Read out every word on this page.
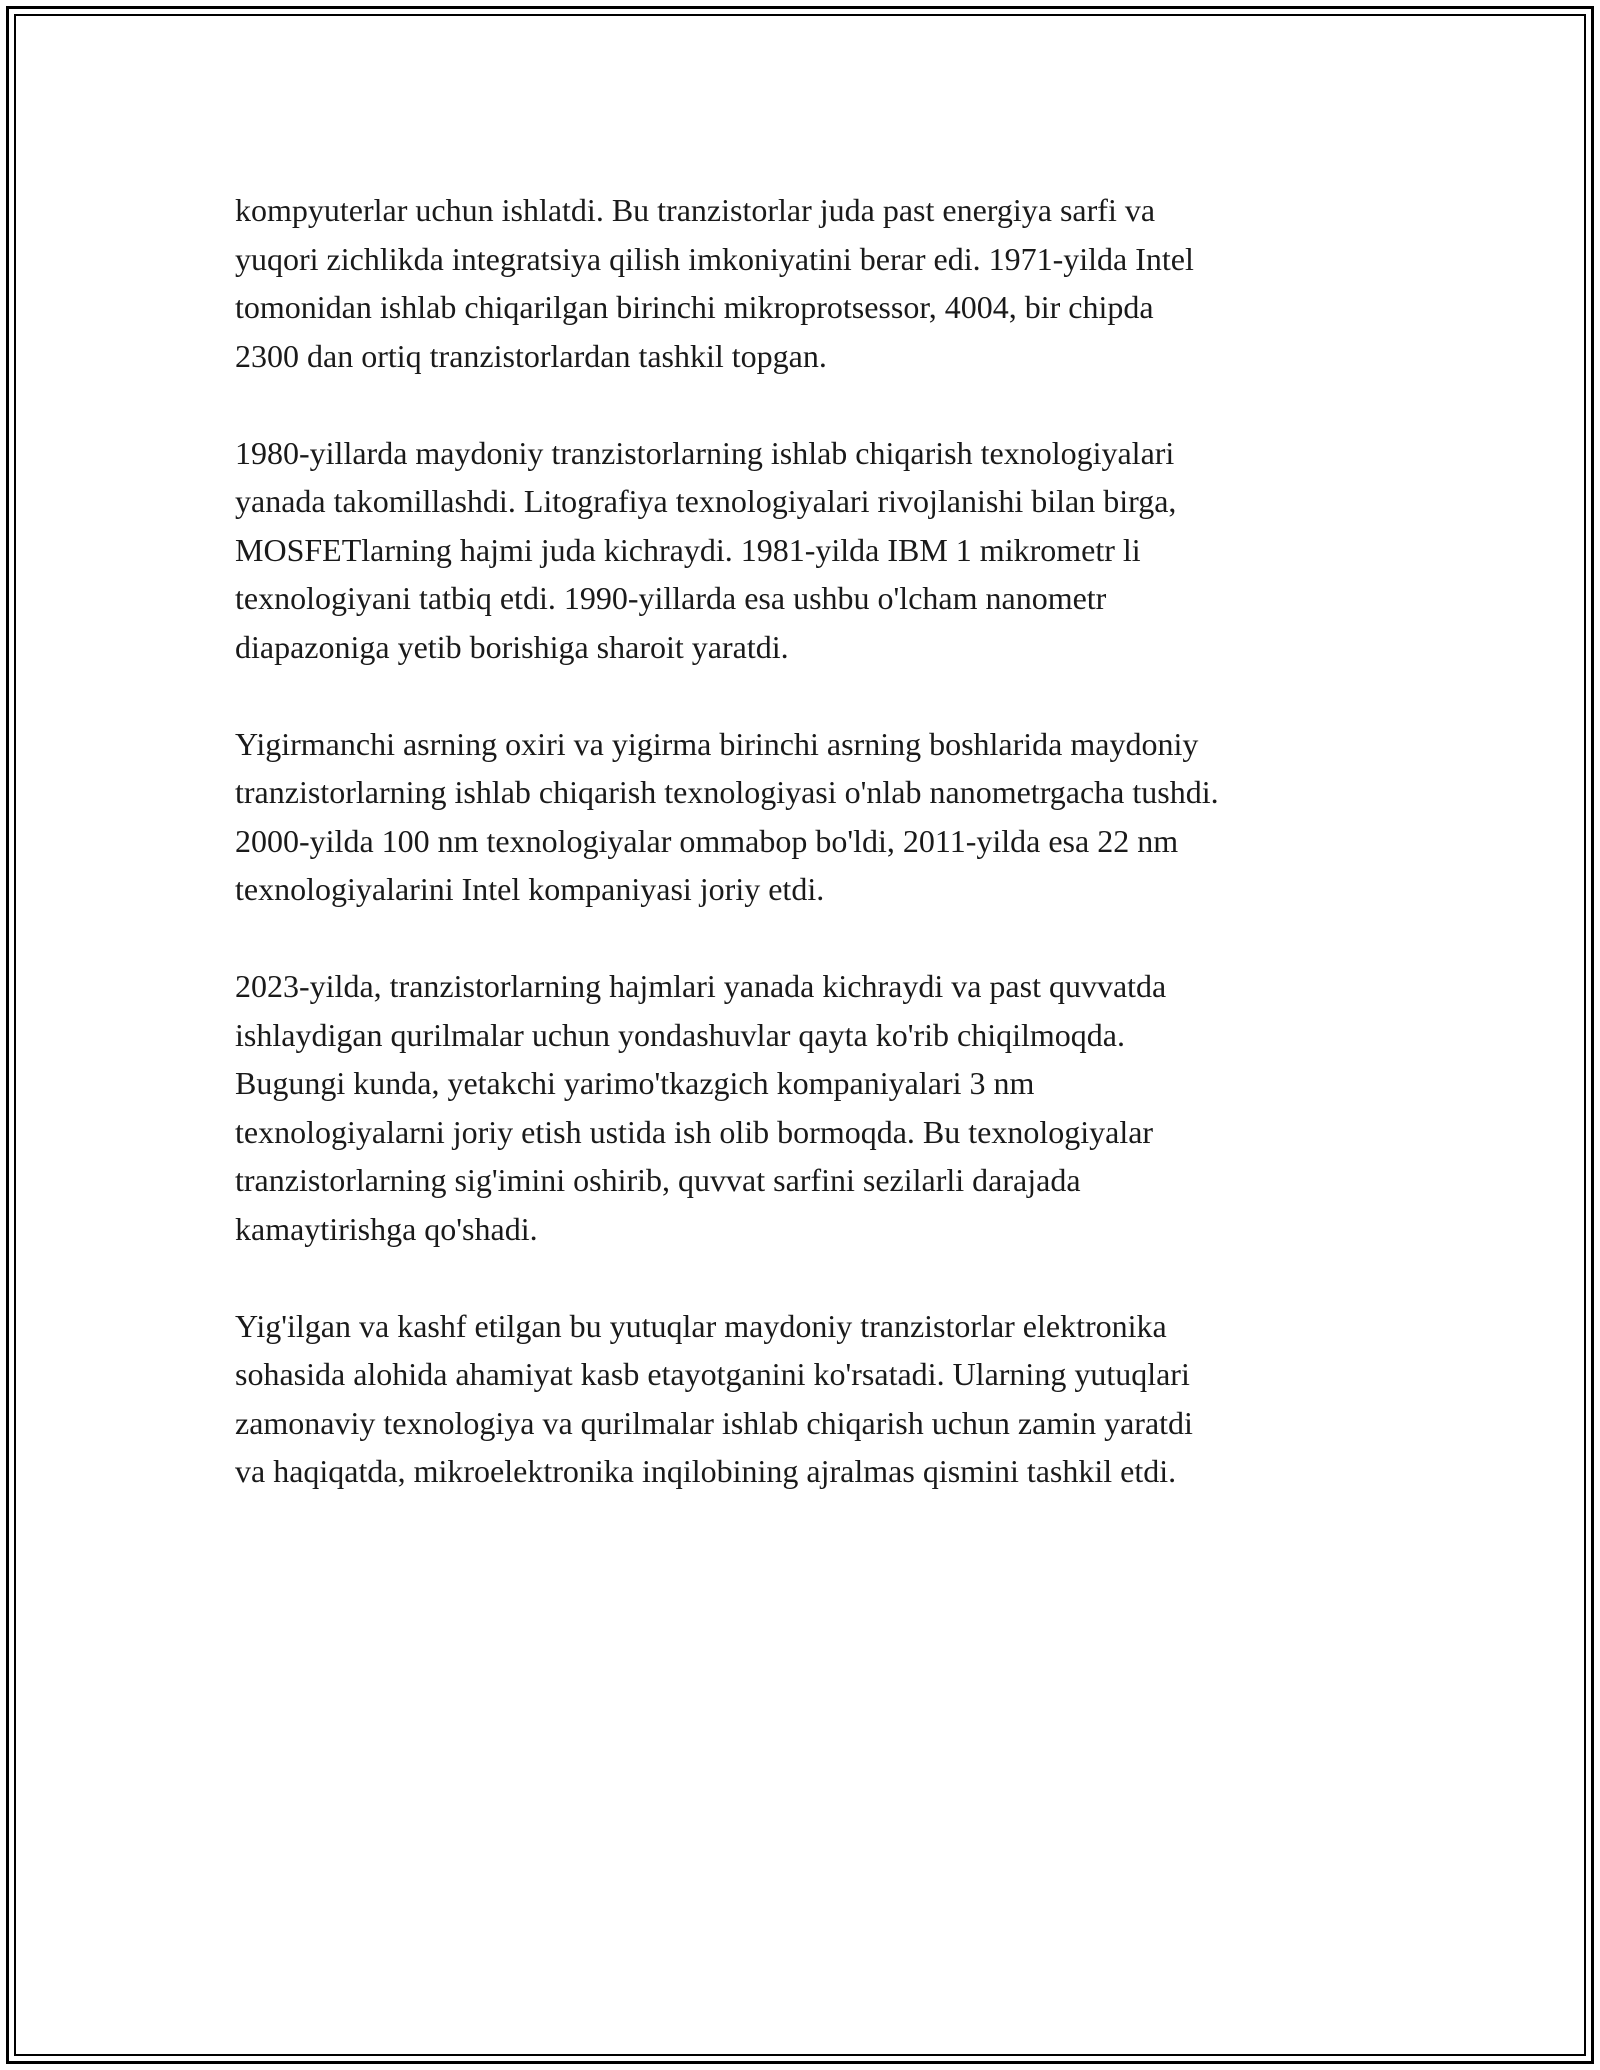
kompyuterlar uchun ishlatdi. Bu tranzistorlar juda past energiya sarfi va
yuqori zichlikda integratsiya qilish imkoniyatini berar edi. 1971-yilda Intel
tomonidan ishlab chiqarilgan birinchi mikroprotsessor, 4004, bir chipda
2300 dan ortiq tranzistorlardan tashkil topgan.

1980-yillarda maydoniy tranzistorlarning ishlab chiqarish texnologiyalari
yanada takomillashdi. Litografiya texnologiyalari rivojlanishi bilan birga,
MOSFETlarning hajmi juda kichraydi. 1981-yilda IBM 1 mikrometr li
texnologiyani tatbiq etdi. 1990-yillarda esa ushbu o'lcham nanometr
diapazoniga yetib borishiga sharoit yaratdi.

Yigirmanchi asrning oxiri va yigirma birinchi asrning boshlarida maydoniy
tranzistorlarning ishlab chiqarish texnologiyasi o'nlab nanometrgacha tushdi.
2000-yilda 100 nm texnologiyalar ommabop bo'ldi, 2011-yilda esa 22 nm
texnologiyalarini Intel kompaniyasi joriy etdi.

2023-yilda, tranzistorlarning hajmlari yanada kichraydi va past quvvatda
ishlaydigan qurilmalar uchun yondashuvlar qayta ko'rib chiqilmoqda.
Bugungi kunda, yetakchi yarimo'tkazgich kompaniyalari 3 nm
texnologiyalarni joriy etish ustida ish olib bormoqda. Bu texnologiyalar
tranzistorlarning sig'imini oshirib, quvvat sarfini sezilarli darajada
kamaytirishga qo'shadi.

Yig'ilgan va kashf etilgan bu yutuqlar maydoniy tranzistorlar elektronika
sohasida alohida ahamiyat kasb etayotganini ko'rsatadi. Ularning yutuqlari
zamonaviy texnologiya va qurilmalar ishlab chiqarish uchun zamin yaratdi
va haqiqatda, mikroelektronika inqilobining ajralmas qismini tashkil etdi.
